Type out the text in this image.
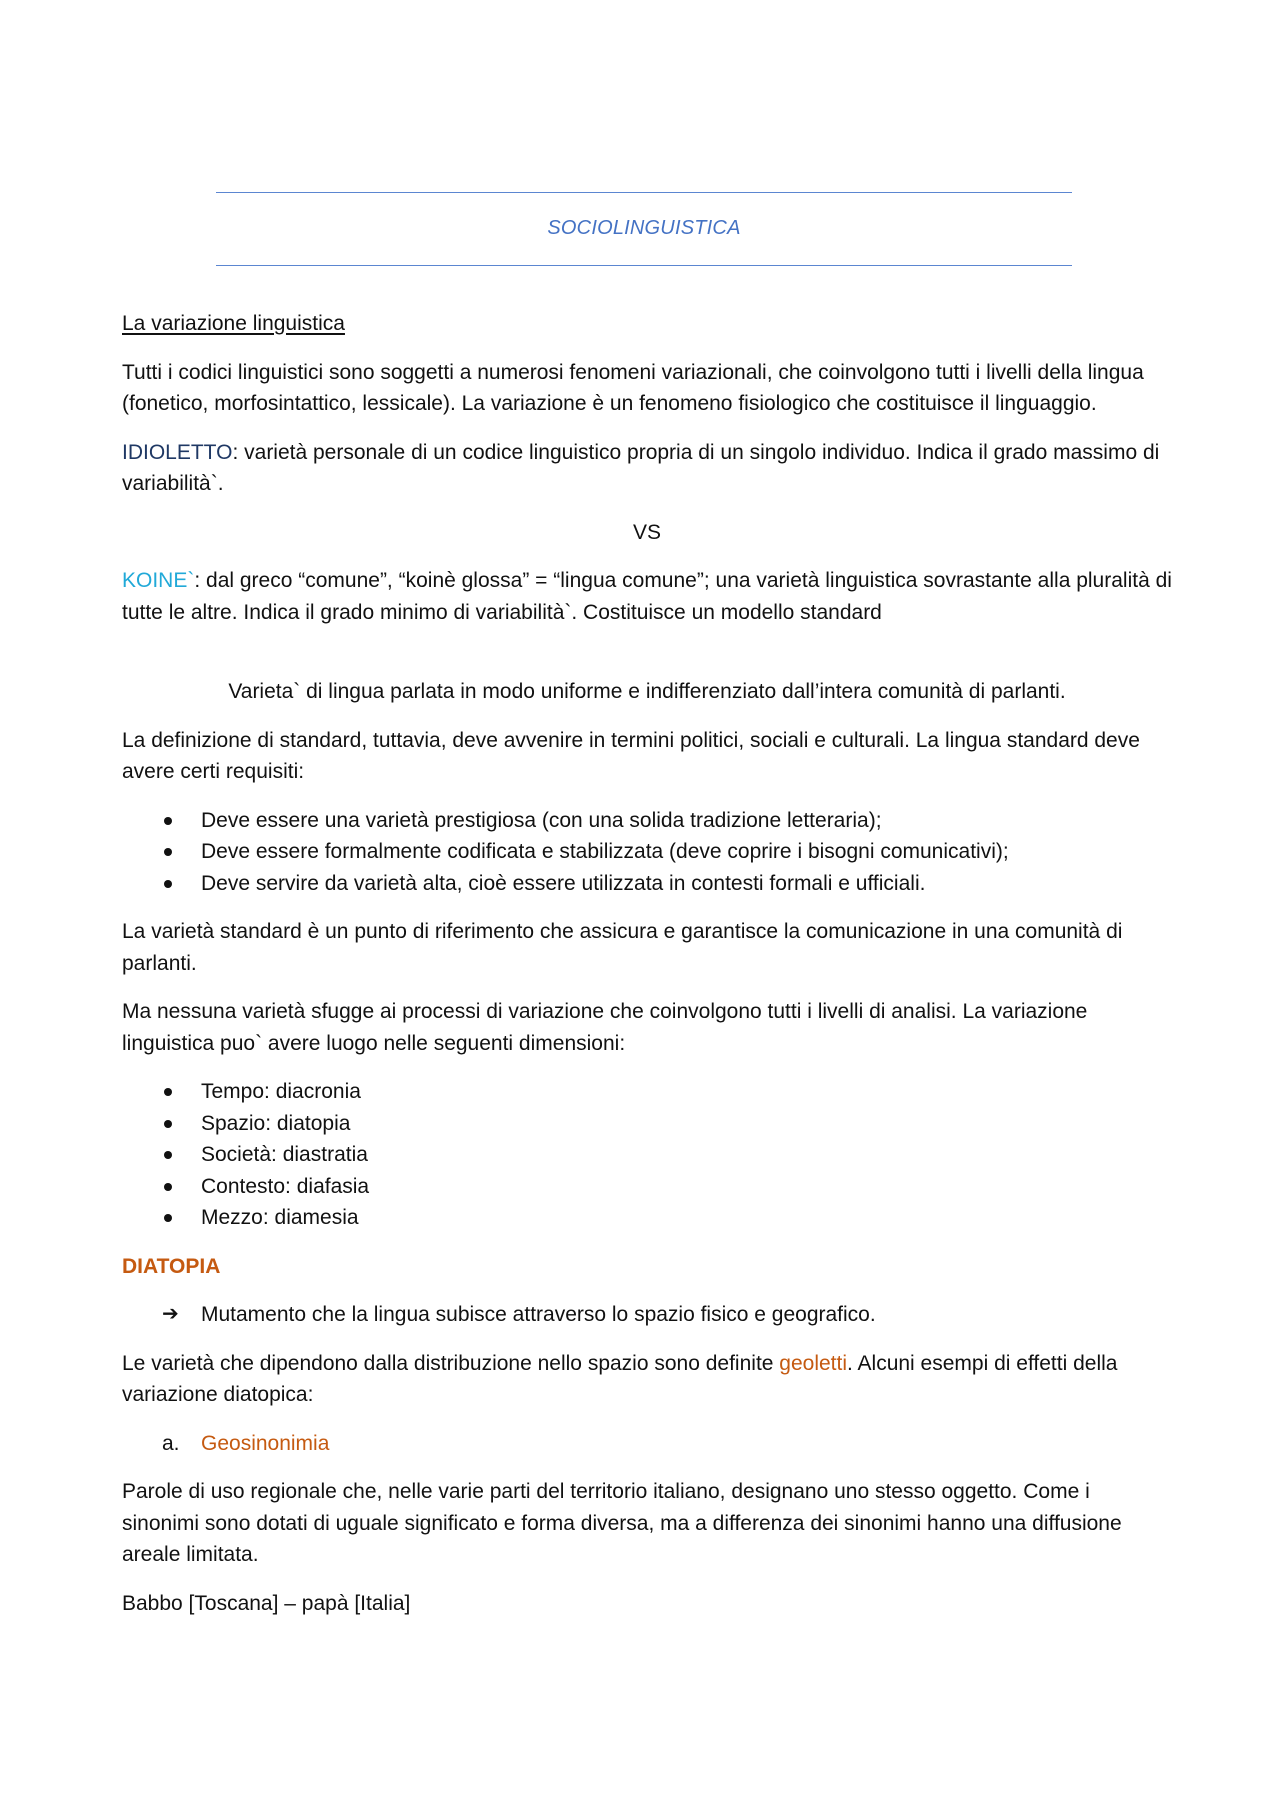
SOCIOLINGUISTICA

La variazione linguistica

Tutti i codici linguistici sono soggetti a numerosi fenomeni variazionali, che coinvolgono tutti i livelli della lingua (fonetico, morfosintattico, lessicale). La variazione è un fenomeno fisiologico che costituisce il linguaggio.

IDIOLETTO: varietà personale di un codice linguistico propria di un singolo individuo. Indica il grado massimo di variabilità`.

VS

KOINE`: dal greco “comune”, “koinè glossa” = “lingua comune”; una varietà linguistica sovrastante alla pluralità di tutte le altre. Indica il grado minimo di variabilità`. Costituisce un modello standard

Varieta` di lingua parlata in modo uniforme e indifferenziato dall’intera comunità di parlanti.

La definizione di standard, tuttavia, deve avvenire in termini politici, sociali e culturali. La lingua standard deve avere certi requisiti:

Deve essere una varietà prestigiosa (con una solida tradizione letteraria);
Deve essere formalmente codificata e stabilizzata (deve coprire i bisogni comunicativi);
Deve servire da varietà alta, cioè essere utilizzata in contesti formali e ufficiali.

La varietà standard è un punto di riferimento che assicura e garantisce la comunicazione in una comunità di parlanti.

Ma nessuna varietà sfugge ai processi di variazione che coinvolgono tutti i livelli di analisi. La variazione linguistica puo` avere luogo nelle seguenti dimensioni:

Tempo: diacronia
Spazio: diatopia
Società: diastratia
Contesto: diafasia
Mezzo: diamesia

DIATOPIA

➔ Mutamento che la lingua subisce attraverso lo spazio fisico e geografico.

Le varietà che dipendono dalla distribuzione nello spazio sono definite geoletti. Alcuni esempi di effetti della variazione diatopica:

a. Geosinonimia

Parole di uso regionale che, nelle varie parti del territorio italiano, designano uno stesso oggetto. Come i sinonimi sono dotati di uguale significato e forma diversa, ma a differenza dei sinonimi hanno una diffusione areale limitata.

Babbo [Toscana] – papà [Italia]
